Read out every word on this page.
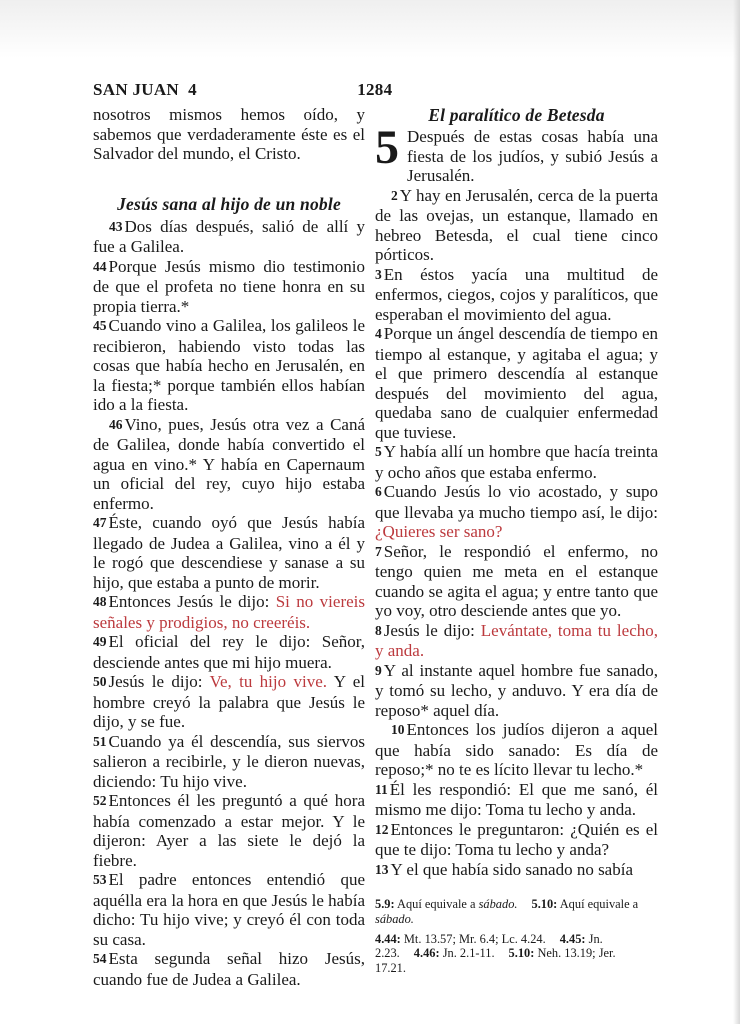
SAN JUAN  4	1284

nosotros mismos hemos oído, y sabemos que verdaderamente éste es el Salvador del mundo, el Cristo.

Jesús sana al hijo de un noble

43 Dos días después, salió de allí y fue a Galilea.

44 Porque Jesús mismo dio testimonio de que el profeta no tiene honra en su propia tierra.*

45 Cuando vino a Galilea, los galileos le recibieron, habiendo visto todas las cosas que había hecho en Jerusalén, en la fiesta;* porque también ellos habían ido a la fiesta.

46 Vino, pues, Jesús otra vez a Caná de Galilea, donde había convertido el agua en vino.* Y había en Capernaum un oficial del rey, cuyo hijo estaba enfermo.

47 Éste, cuando oyó que Jesús había llegado de Judea a Galilea, vino a él y le rogó que descendiese y sanase a su hijo, que estaba a punto de morir.

48 Entonces Jesús le dijo: Si no viereis señales y prodigios, no creeréis.

49 El oficial del rey le dijo: Señor, desciende antes que mi hijo muera.

50 Jesús le dijo: Ve, tu hijo vive. Y el hombre creyó la palabra que Jesús le dijo, y se fue.

51 Cuando ya él descendía, sus siervos salieron a recibirle, y le dieron nuevas, diciendo: Tu hijo vive.

52 Entonces él les preguntó a qué hora había comenzado a estar mejor. Y le dijeron: Ayer a las siete le dejó la fiebre.

53 El padre entonces entendió que aquélla era la hora en que Jesús le había dicho: Tu hijo vive; y creyó él con toda su casa.

54 Esta segunda señal hizo Jesús, cuando fue de Judea a Galilea.

El paralítico de Betesda

5 Después de estas cosas había una fiesta de los judíos, y subió Jesús a Jerusalén.

2 Y hay en Jerusalén, cerca de la puerta de las ovejas, un estanque, llamado en hebreo Betesda, el cual tiene cinco pórticos.

3 En éstos yacía una multitud de enfermos, ciegos, cojos y paralíticos, que esperaban el movimiento del agua.

4 Porque un ángel descendía de tiempo en tiempo al estanque, y agitaba el agua; y el que primero descendía al estanque después del movimiento del agua, quedaba sano de cualquier enfermedad que tuviese.

5 Y había allí un hombre que hacía treinta y ocho años que estaba enfermo.

6 Cuando Jesús lo vio acostado, y supo que llevaba ya mucho tiempo así, le dijo: ¿Quieres ser sano?

7 Señor, le respondió el enfermo, no tengo quien me meta en el estanque cuando se agita el agua; y entre tanto que yo voy, otro desciende antes que yo.

8 Jesús le dijo: Levántate, toma tu lecho, y anda.

9 Y al instante aquel hombre fue sanado, y tomó su lecho, y anduvo. Y era día de reposo* aquel día.

10 Entonces los judíos dijeron a aquel que había sido sanado: Es día de reposo;* no te es lícito llevar tu lecho.*

11 Él les respondió: El que me sanó, él mismo me dijo: Toma tu lecho y anda.

12 Entonces le preguntaron: ¿Quién es el que te dijo: Toma tu lecho y anda?

13 Y el que había sido sanado no sabía

5.9: Aquí equivale a sábado. 5.10: Aquí equivale a sábado.

4.44: Mt. 13.57; Mr. 6.4; Lc. 4.24. 4.45: Jn. 2.23. 4.46: Jn. 2.1-11. 5.10: Neh. 13.19; Jer. 17.21.
